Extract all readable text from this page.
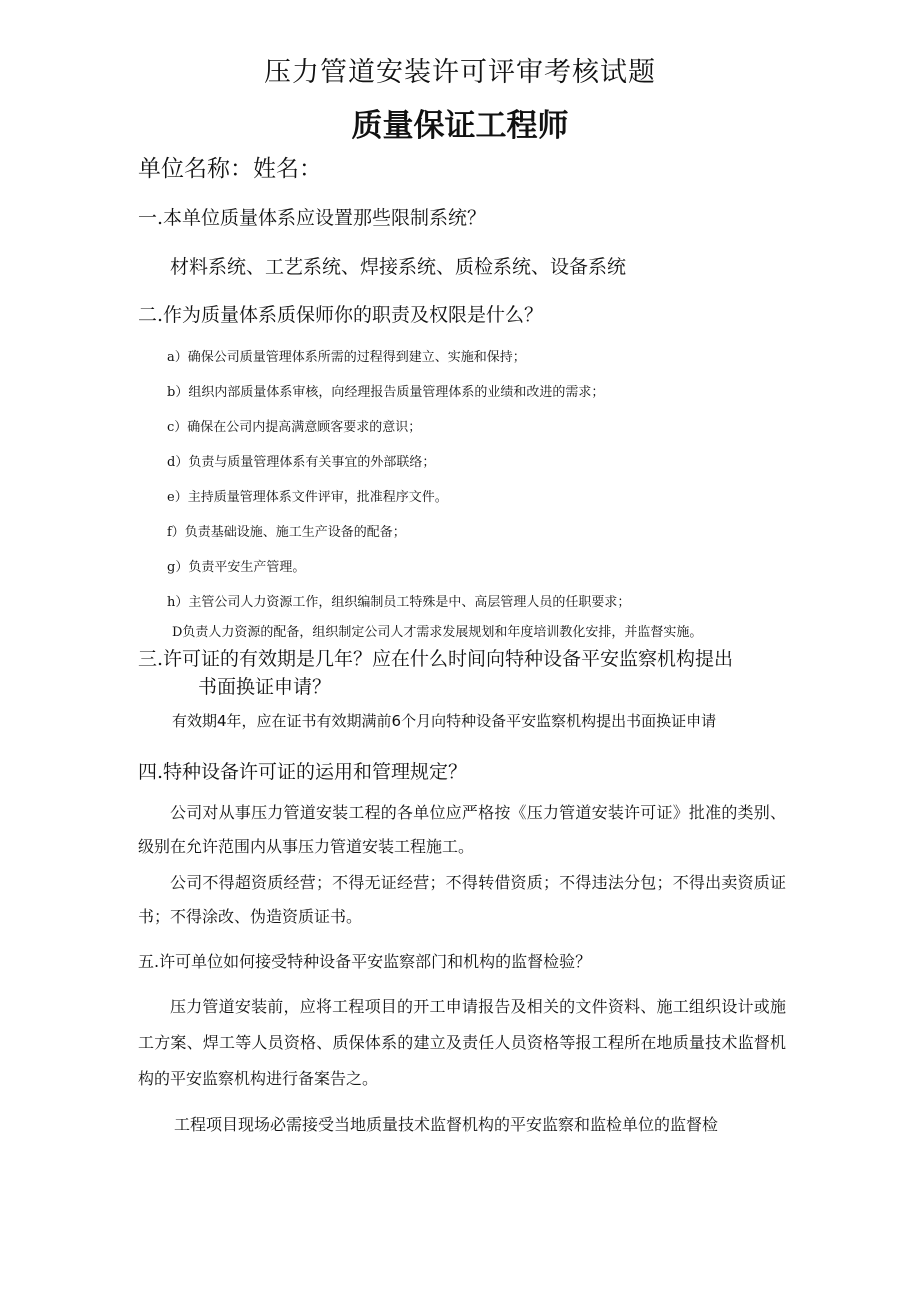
压力管道安装许可评审考核试题
质量保证工程师
单位名称：姓名：
一.本单位质量体系应设置那些限制系统？
材料系统、工艺系统、焊接系统、质检系统、设备系统
二.作为质量体系质保师你的职责及权限是什么？
a）确保公司质量管理体系所需的过程得到建立、实施和保持；
b）组织内部质量体系审核，向经理报告质量管理体系的业绩和改进的需求；
c）确保在公司内提高满意顾客要求的意识；
d）负责与质量管理体系有关事宜的外部联络；
e）主持质量管理体系文件评审，批准程序文件。
f）负责基础设施、施工生产设备的配备；
g）负责平安生产管理。
h）主管公司人力资源工作，组织编制员工特殊是中、高层管理人员的任职要求；
D负责人力资源的配备，组织制定公司人才需求发展规划和年度培训教化安排，并监督实施。
三.许可证的有效期是几年？应在什么时间向特种设备平安监察机构提出
书面换证申请？
有效期4年，应在证书有效期满前6个月向特种设备平安监察机构提出书面换证申请
四.特种设备许可证的运用和管理规定？
公司对从事压力管道安装工程的各单位应严格按《压力管道安装许可证》批准的类别、级别在允许范围内从事压力管道安装工程施工。
公司不得超资质经营；不得无证经营；不得转借资质；不得违法分包；不得出卖资质证书；不得涂改、伪造资质证书。
五.许可单位如何接受特种设备平安监察部门和机构的监督检验？
压力管道安装前，应将工程项目的开工申请报告及相关的文件资料、施工组织设计或施工方案、焊工等人员资格、质保体系的建立及责任人员资格等报工程所在地质量技术监督机构的平安监察机构进行备案告之。
工程项目现场必需接受当地质量技术监督机构的平安监察和监检单位的监督检
